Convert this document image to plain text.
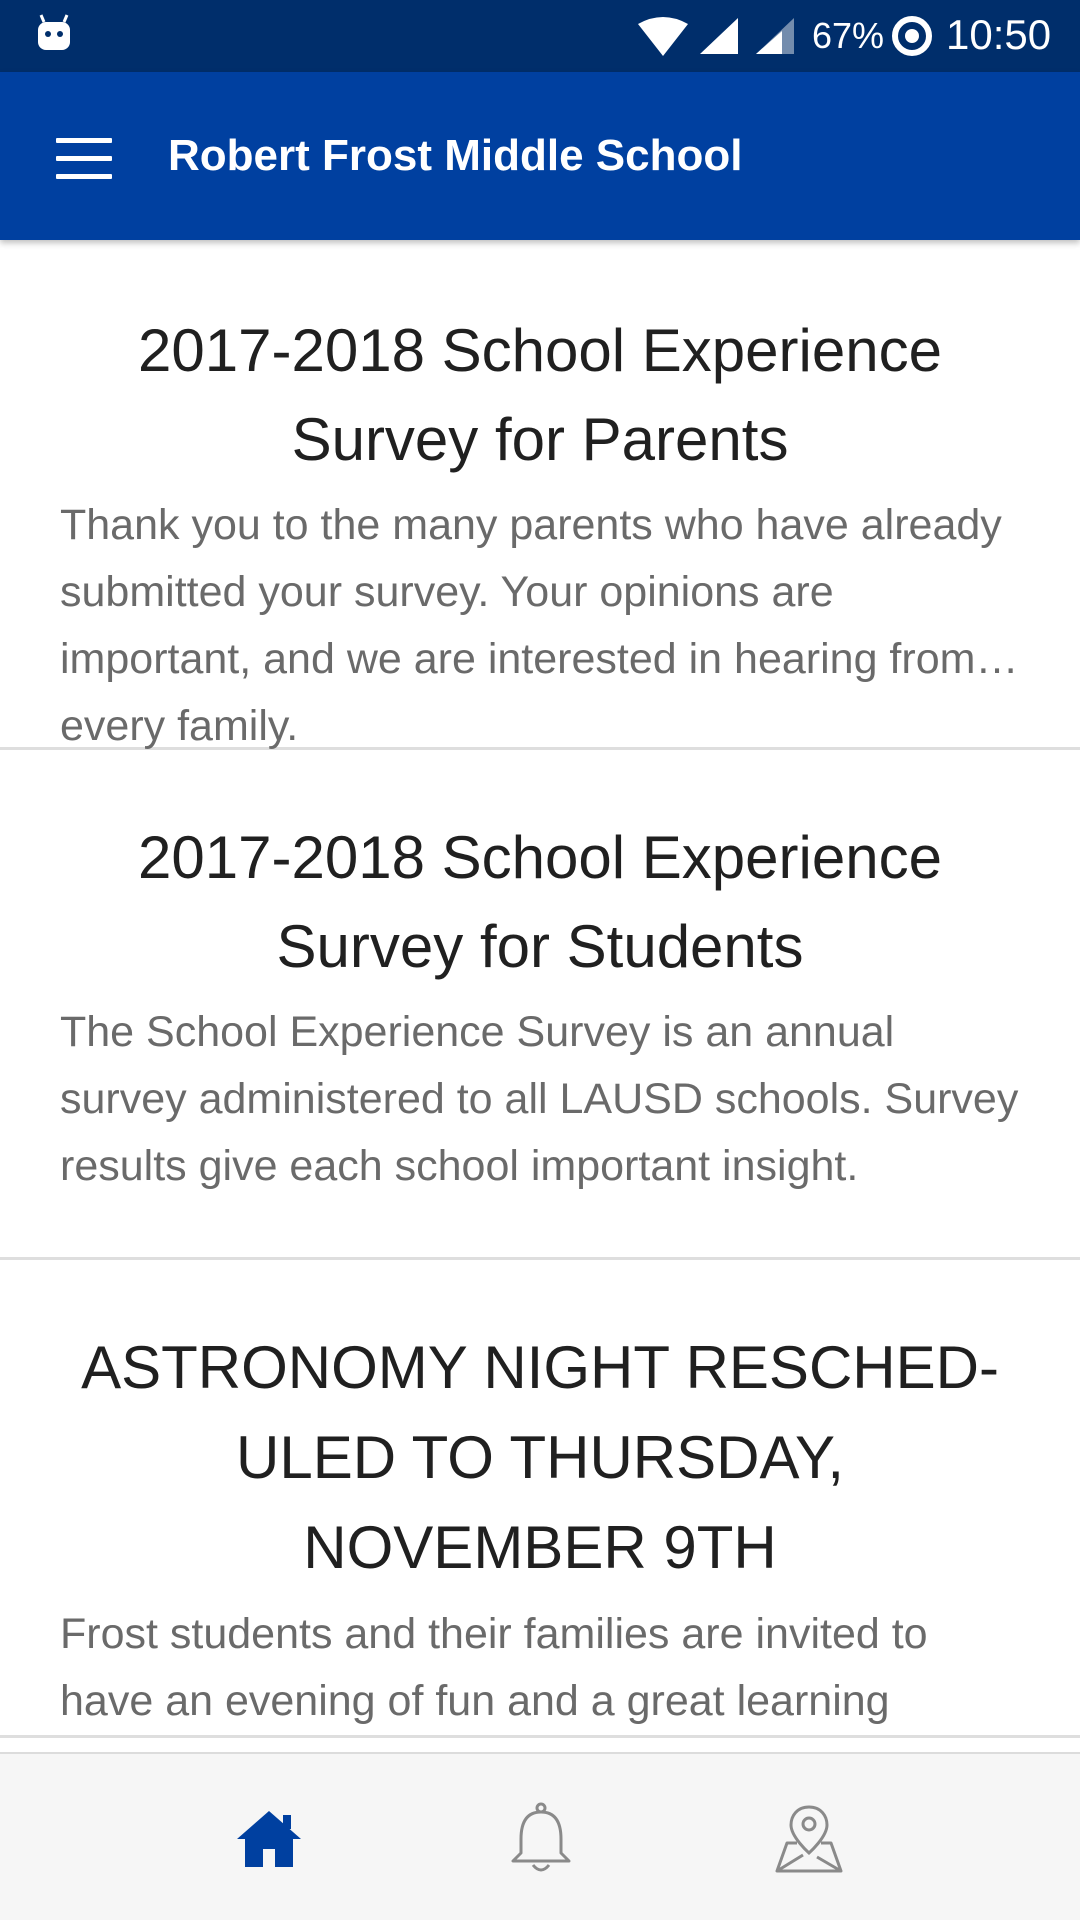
67% 10:50
Robert Frost Middle School
2017-2018 School Experience Survey for Parents

Thank you to the many parents who have already submitted your survey. Your opinions are important, and we are interested in hearing from every family.

2017-2018 School Experience Survey for Students

The School Experience Survey is an annual survey administered to all LAUSD schools. Survey results give each school important insight.

ASTRONOMY NIGHT RESCHED-ULED TO THURSDAY, NOVEMBER 9TH

Frost students and their families are invited to have an evening of fun and a great learning
